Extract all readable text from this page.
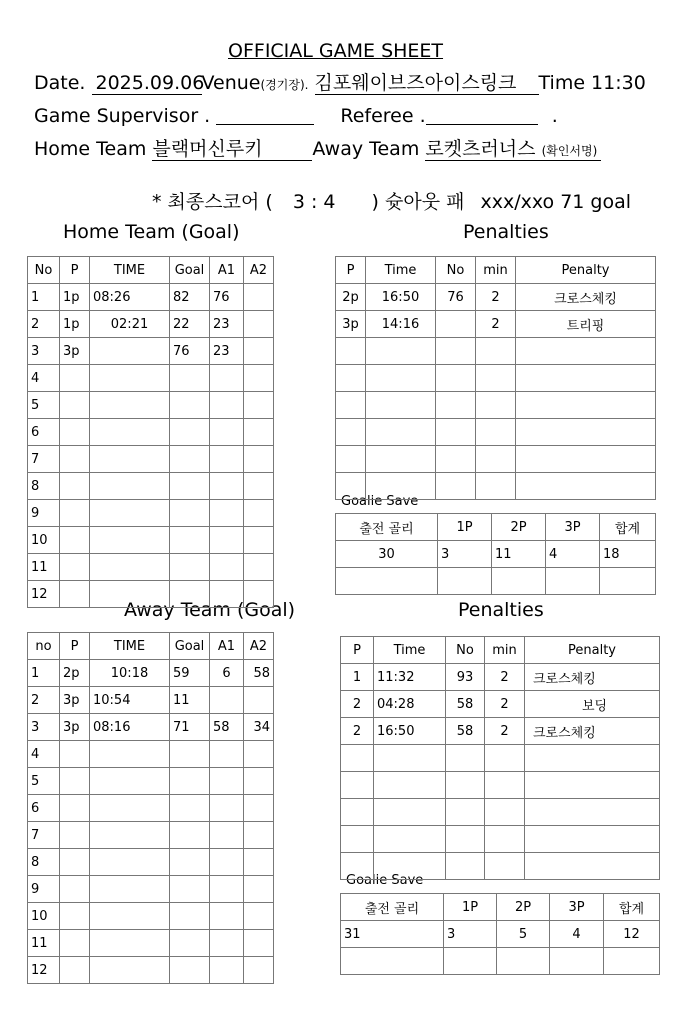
OFFICIAL GAME SHEET
Date. 2025.09.06Venue(경기장). 김포웨이브즈아이스링크 Time 11:30
Game Supervisor .	Referee .	.
Home Team 블랙머신루키	Away Team 로켓츠러너스 (확인서명)
* 최종스코어 ( 3 : 4 ) 슛아웃 패 xxx/xxo 71 goal
Home Team (Goal)	Penalties
Goalie Save
Away Team (Goal)	Penalties
Goalie Save
No	P	TIME	Goal	A1	A2
1	1p	08:26	82	76	
2	1p	02:21	22	23	
3	3p		76	23	
4					
5					
6					
7					
8					
9					
10					
11					
12					
P	Time	No	min	Penalty
2p	16:50	76	2	크로스체킹
3p	14:16		2	트리핑

출전 골리	1P	2P	3P	합계
30	3	11	4	18

no	P	TIME	Goal	A1	A2
1	2p	10:18	59	6	58
2	3p	10:54	11		
3	3p	08:16	71	58	34
4					
5					
6					
7					
8					
9					
10					
11					
12					
P	Time	No	min	Penalty
1	11:32	93	2	크로스체킹
2	04:28	58	2	보딩
2	16:50	58	2	크로스체킹

출전 골리	1P	2P	3P	합계
31	3	5	4	12
